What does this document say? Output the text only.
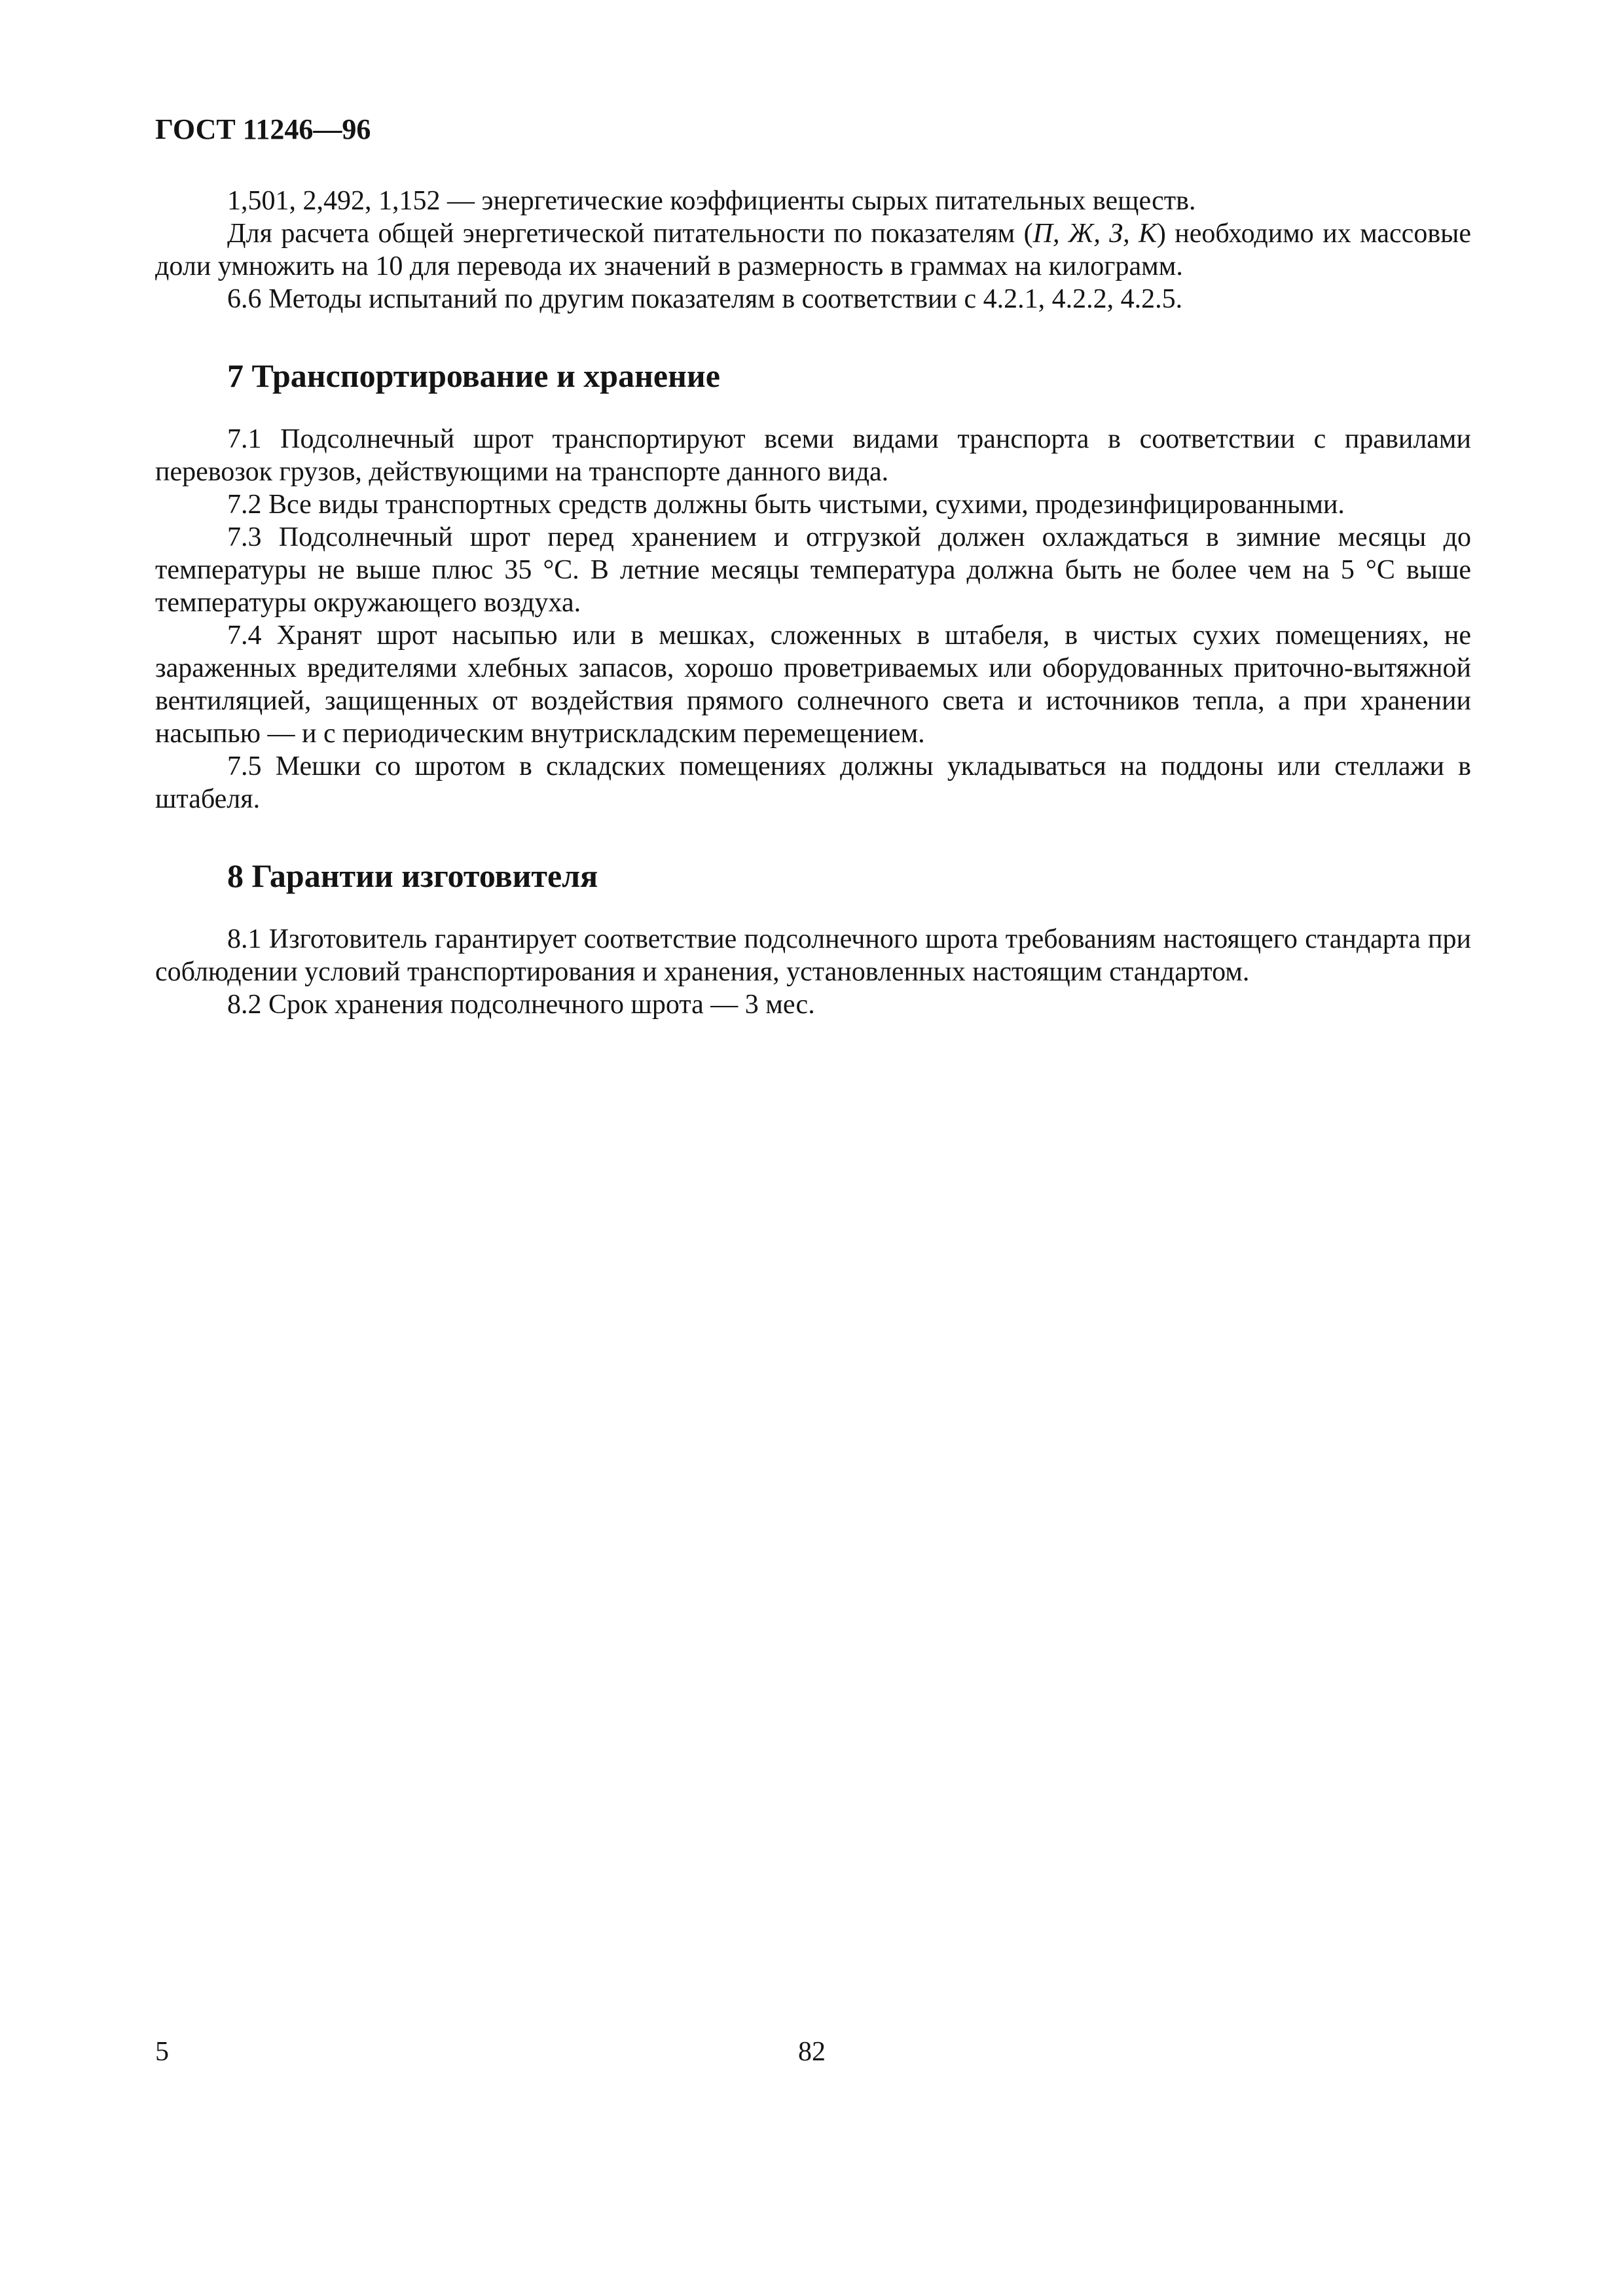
ГОСТ 11246—96

1,501, 2,492, 1,152 — энергетические коэффициенты сырых питательных веществ.

Для расчета общей энергетической питательности по показателям (П, Ж, З, К) необходимо их массовые доли умножить на 10 для перевода их значений в размерность в граммах на килограмм.

6.6 Методы испытаний по другим показателям в соответствии с 4.2.1, 4.2.2, 4.2.5.

7 Транспортирование и хранение

7.1 Подсолнечный шрот транспортируют всеми видами транспорта в соответствии с правилами перевозок грузов, действующими на транспорте данного вида.

7.2 Все виды транспортных средств должны быть чистыми, сухими, продезинфицированными.

7.3 Подсолнечный шрот перед хранением и отгрузкой должен охлаждаться в зимние месяцы до температуры не выше плюс 35 °С. В летние месяцы температура должна быть не более чем на 5 °С выше температуры окружающего воздуха.

7.4 Хранят шрот насыпью или в мешках, сложенных в штабеля, в чистых сухих помещениях, не зараженных вредителями хлебных запасов, хорошо проветриваемых или оборудованных приточно-вытяжной вентиляцией, защищенных от воздействия прямого солнечного света и источников тепла, а при хранении насыпью — и с периодическим внутрискладским перемещением.

7.5 Мешки со шротом в складских помещениях должны укладываться на поддоны или стеллажи в штабеля.

8 Гарантии изготовителя

8.1 Изготовитель гарантирует соответствие подсолнечного шрота требованиям настоящего стандарта при соблюдении условий транспортирования и хранения, установленных настоящим стандартом.

8.2 Срок хранения подсолнечного шрота — 3 мес.

5	82
